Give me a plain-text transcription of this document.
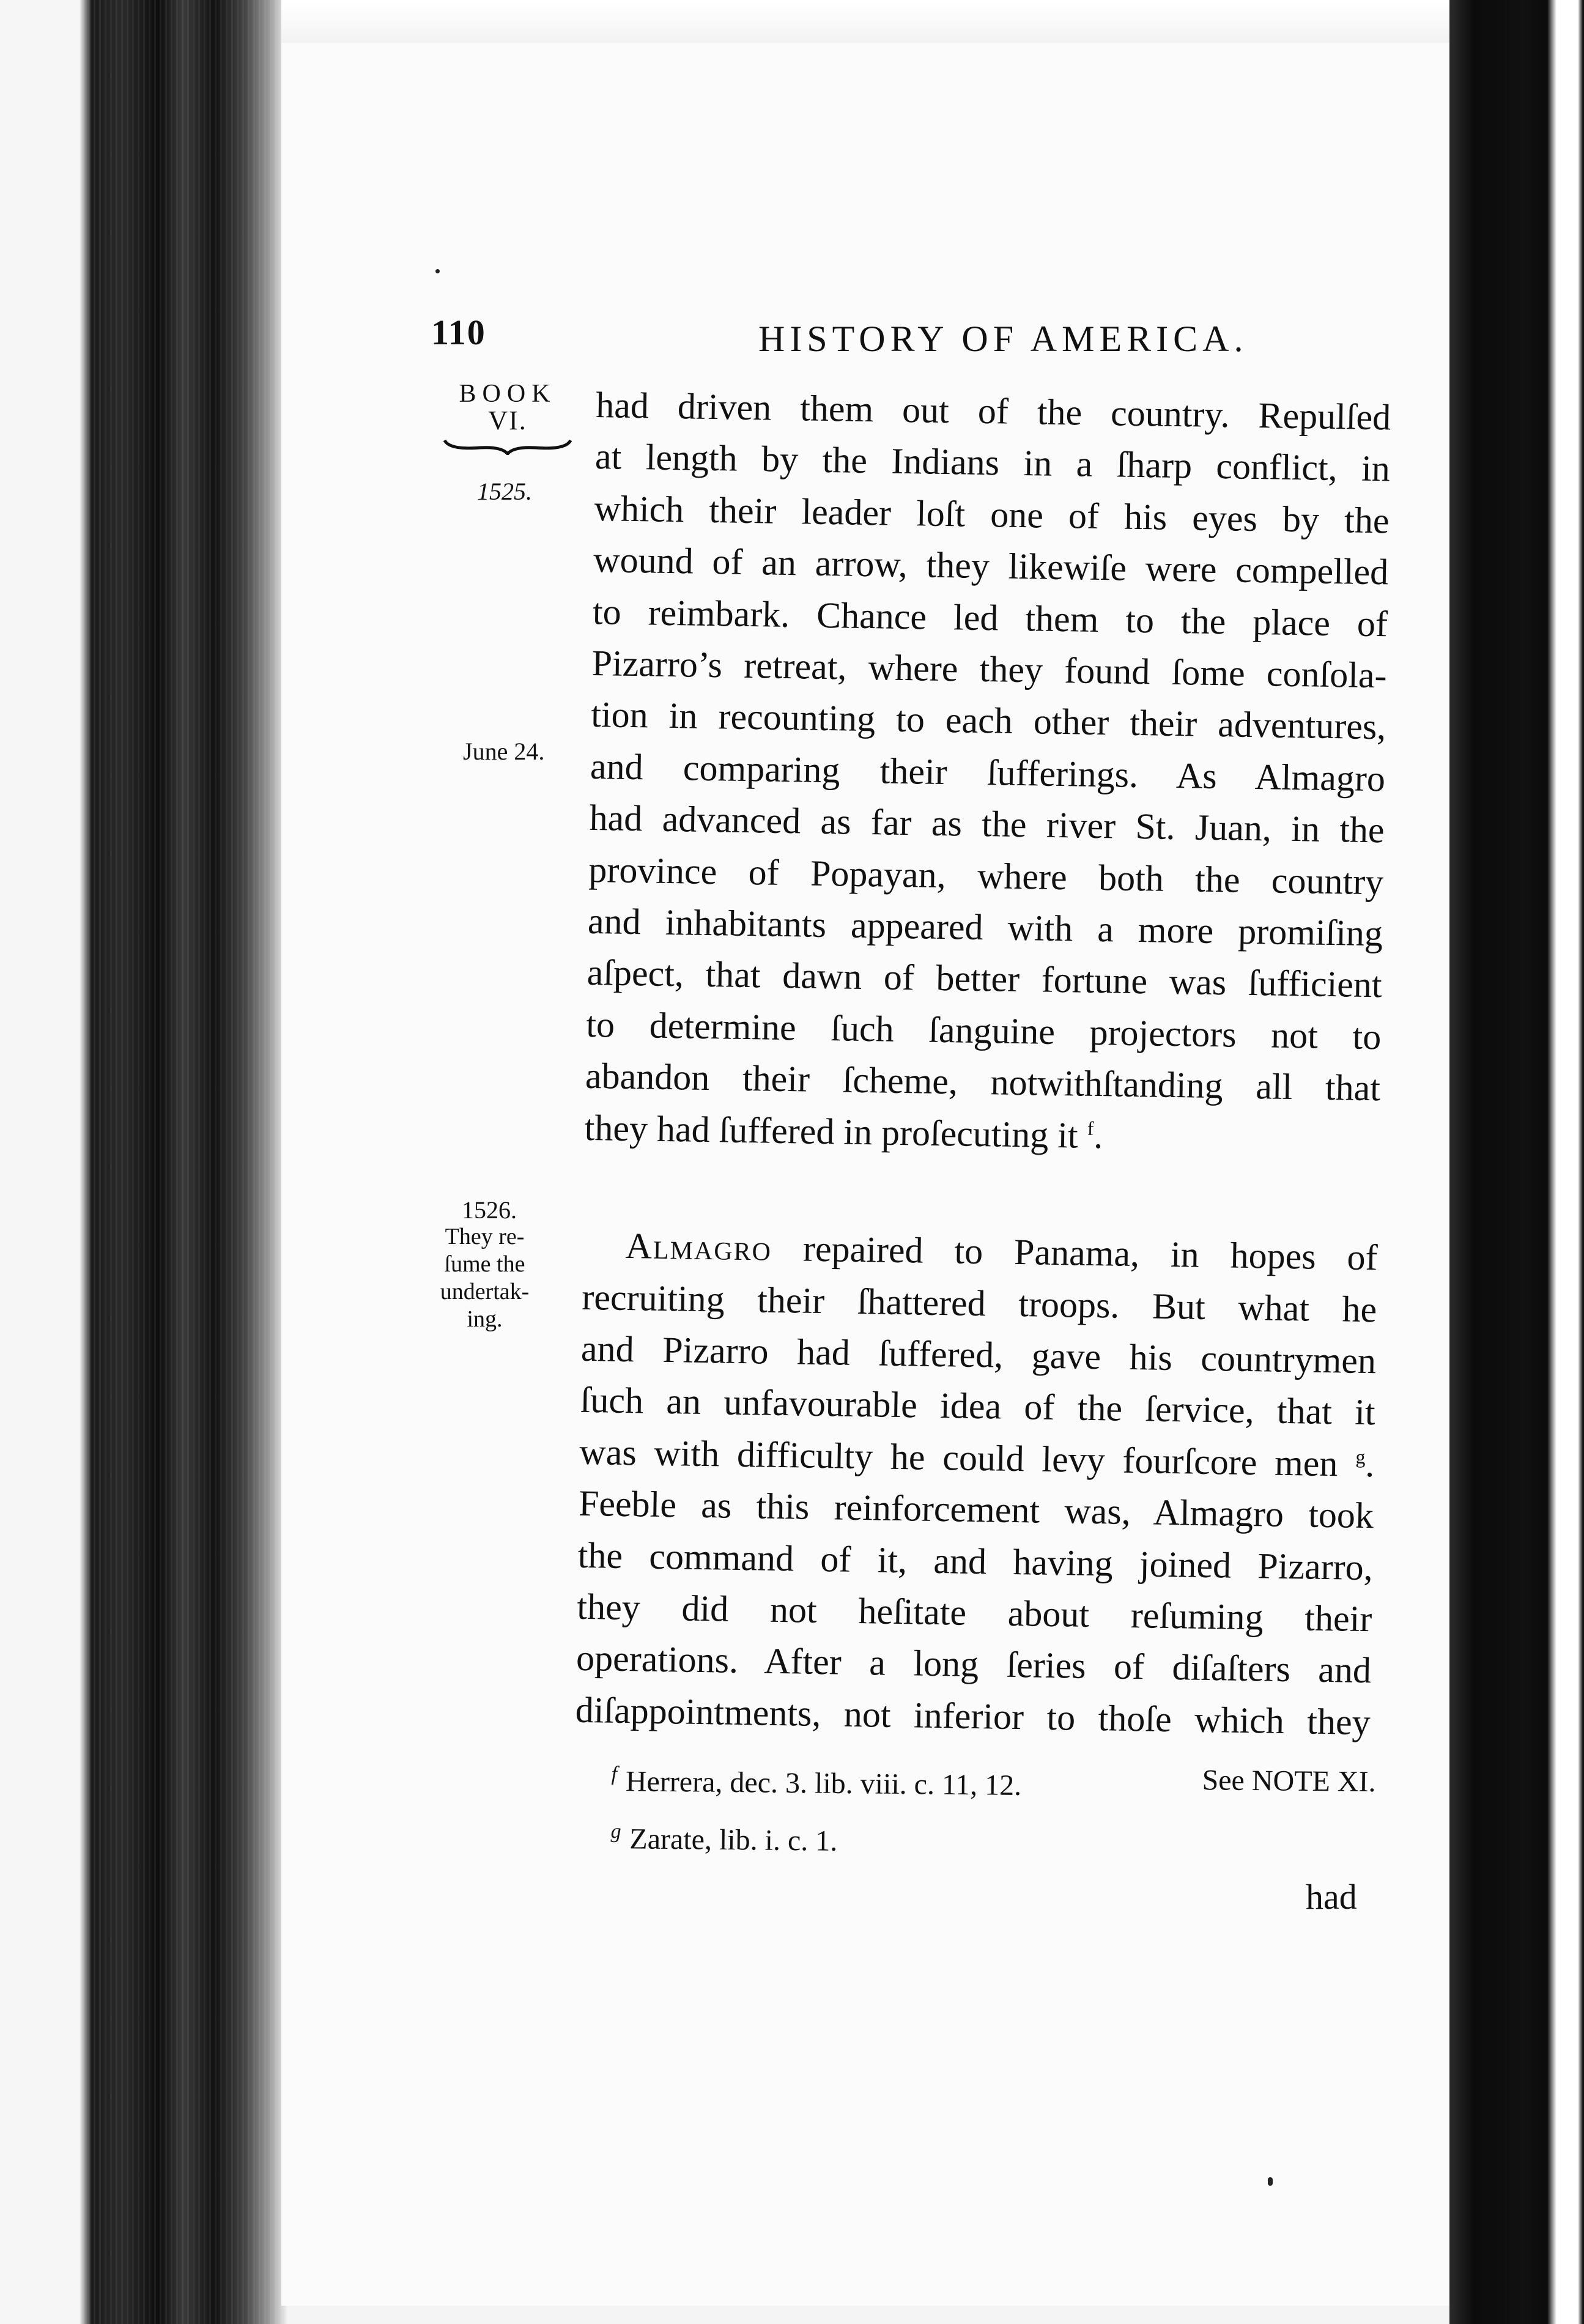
110	HISTORY OF AMERICA.
BOOK
VI.
1525.
June 24.
1526.
They re-
ſume the
undertak-
ing.
had driven them out of the country. Repulſed
at length by the Indians in a ſharp conflict, in
which their leader loſt one of his eyes by the
wound of an arrow, they likewiſe were compelled
to reimbark. Chance led them to the place of
Pizarro’s retreat, where they found ſome conſola-
tion in recounting to each other their adventures,
and comparing their ſufferings. As Almagro
had advanced as far as the river St. Juan, in the
province of Popayan, where both the country
and inhabitants appeared with a more promiſing
aſpect, that dawn of better fortune was ſufficient
to determine ſuch ſanguine projectors not to
abandon their ſcheme, notwithſtanding all that
they had ſuffered in proſecuting it $^f$.
Almagro repaired to Panama, in hopes of
recruiting their ſhattered troops. But what he
and Pizarro had ſuffered, gave his countrymen
ſuch an unfavourable idea of the ſervice, that it
was with difficulty he could levy fourſcore men $^g$.
Feeble as this reinforcement was, Almagro took
the command of it, and having joined Pizarro,
they did not heſitate about reſuming their
operations. After a long ſeries of diſaſters and
diſappointments, not inferior to thoſe which they
$^f$ Herrera, dec. 3. lib. viii. c. 11, 12.	See NOTE XI.
$^g$ Zarate, lib. i. c. 1.
had
